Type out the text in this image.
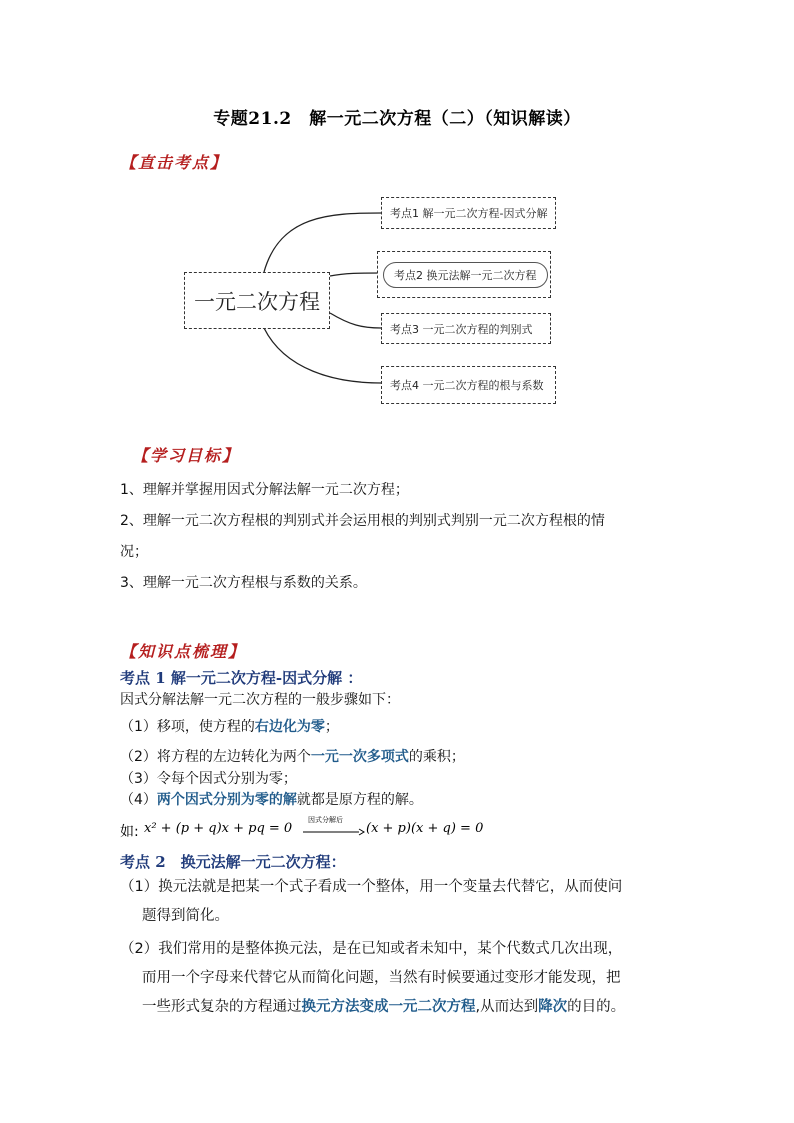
专题21.2　解一元二次方程（二）（知识解读）
【直击考点】
一元二次方程
考点1 解一元二次方程-因式分解
考点2 换元法解一元二次方程
考点3 一元二次方程的判别式
考点4 一元二次方程的根与系数
【学习目标】
1、理解并掌握用因式分解法解一元二次方程；
2、理解一元二次方程根的判别式并会运用根的判别式判别一元二次方程根的情
况；
3、理解一元二次方程根与系数的关系。
【知识点梳理】
考点 1 解一元二次方程-因式分解 ：
因式分解法解一元二次方程的一般步骤如下：
（1）移项，使方程的右边化为零；
（2）将方程的左边转化为两个一元一次多项式的乘积；
（3）令每个因式分别为零；
（4）两个因式分别为零的解就都是原方程的解。
如: x² + (p + q)x + pq = 0
因式分解后
(x + p)(x + q) = 0
考点 2　换元法解一元二次方程：
（1）换元法就是把某一个式子看成一个整体，用一个变量去代替它，从而使问
题得到简化。
（2）我们常用的是整体换元法，是在已知或者未知中，某个代数式几次出现，
而用一个字母来代替它从而简化问题，当然有时候要通过变形才能发现，把
一些形式复杂的方程通过换元方法变成一元二次方程,从而达到降次的目的。
